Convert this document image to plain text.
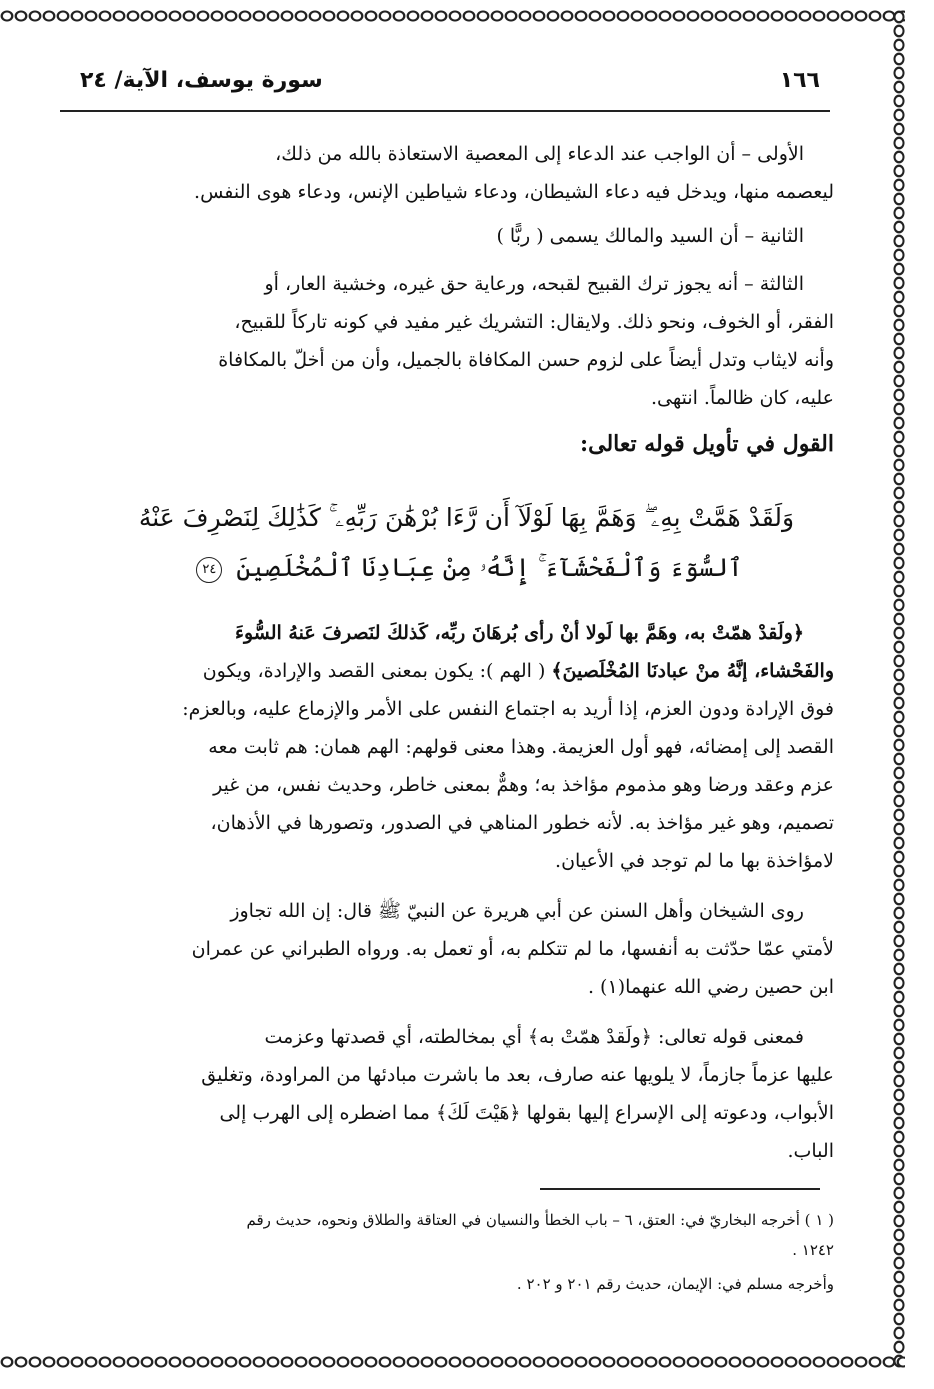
١٦٦
سورة يوسف، الآية/ ٢٤

الأولى – أن الواجب عند الدعاء إلى المعصية الاستعاذة بالله من ذلك،

ليعصمه منها، ويدخل فيه دعاء الشيطان، ودعاء شياطين الإنس، ودعاء هوى النفس.

الثانية – أن السيد والمالك يسمى ( ربًّا )

الثالثة – أنه يجوز ترك القبيح لقبحه، ورعاية حق غيره، وخشية العار، أو

الفقر، أو الخوف، ونحو ذلك. ولايقال: التشريك غير مفيد في كونه تاركاً للقبيح،

وأنه لايثاب وتدل أيضاً على لزوم حسن المكافاة بالجميل، وأن من أخلّ بالمكافاة

عليه، كان ظالماً. انتهى.

القول في تأويل قوله تعالى:

وَلَقَدْ هَمَّتْ بِهِۦ ۖ وَهَمَّ بِهَا لَوْلَآ أَن رَّءَا بُرْهَٰنَ رَبِّهِۦ ۚ كَذَٰلِكَ لِنَصْرِفَ عَنْهُ
ٱلسُّوٓءَ وَٱلْفَحْشَآءَ ۚ إِنَّهُۥ مِنْ عِبَادِنَا ٱلْمُخْلَصِينَ ٢٤

﴿ولَقدْ همّتْ به، وهَمَّ بها لَولا أنْ رأى بُرهَانَ ربِّه، كَذلكَ لنَصرفَ عَنهُ السُّوءَ

والفَحْشاء، إنَّهُ منْ عبادنَا المُخْلَصينَ﴾ ( الهم ): يكون بمعنى القصد والإرادة، ويكون

فوق الإرادة ودون العزم، إذا أريد به اجتماع النفس على الأمر والإزماع عليه، وبالعزم:

القصد إلى إمضائه، فهو أول العزيمة. وهذا معنى قولهم: الهم همان: هم ثابت معه

عزم وعقد ورضا وهو مذموم مؤاخذ به؛ وهمٌّ بمعنى خاطر، وحديث نفس، من غير

تصميم، وهو غير مؤاخذ به. لأنه خطور المناهي في الصدور، وتصورها في الأذهان،

لامؤاخذة بها ما لم توجد في الأعيان.

روى الشيخان وأهل السنن عن أبي هريرة عن النبيّ ﷺ قال: إن الله تجاوز

لأمتي عمّا حدّثت به أنفسها، ما لم تتكلم به، أو تعمل به. ورواه الطبراني عن عمران

ابن حصين رضي الله عنهما(١) .

فمعنى قوله تعالى: ﴿ولَقدْ همّتْ به﴾ أي بمخالطته، أي قصدتها وعزمت

عليها عزماً جازماً، لا يلويها عنه صارف، بعد ما باشرت مبادئها من المراودة، وتغليق

الأبواب، ودعوته إلى الإسراع إليها بقولها ﴿هَيْتَ لَكَ﴾ مما اضطره إلى الهرب إلى

الباب.

( ١ ) أخرجه البخاريّ في: العتق، ٦ – باب الخطأ والنسيان في العتاقة والطلاق ونحوه، حديث رقم
١٢٤٢ .
وأخرجه مسلم في: الإيمان، حديث رقم ٢٠١ و ٢٠٢ .
